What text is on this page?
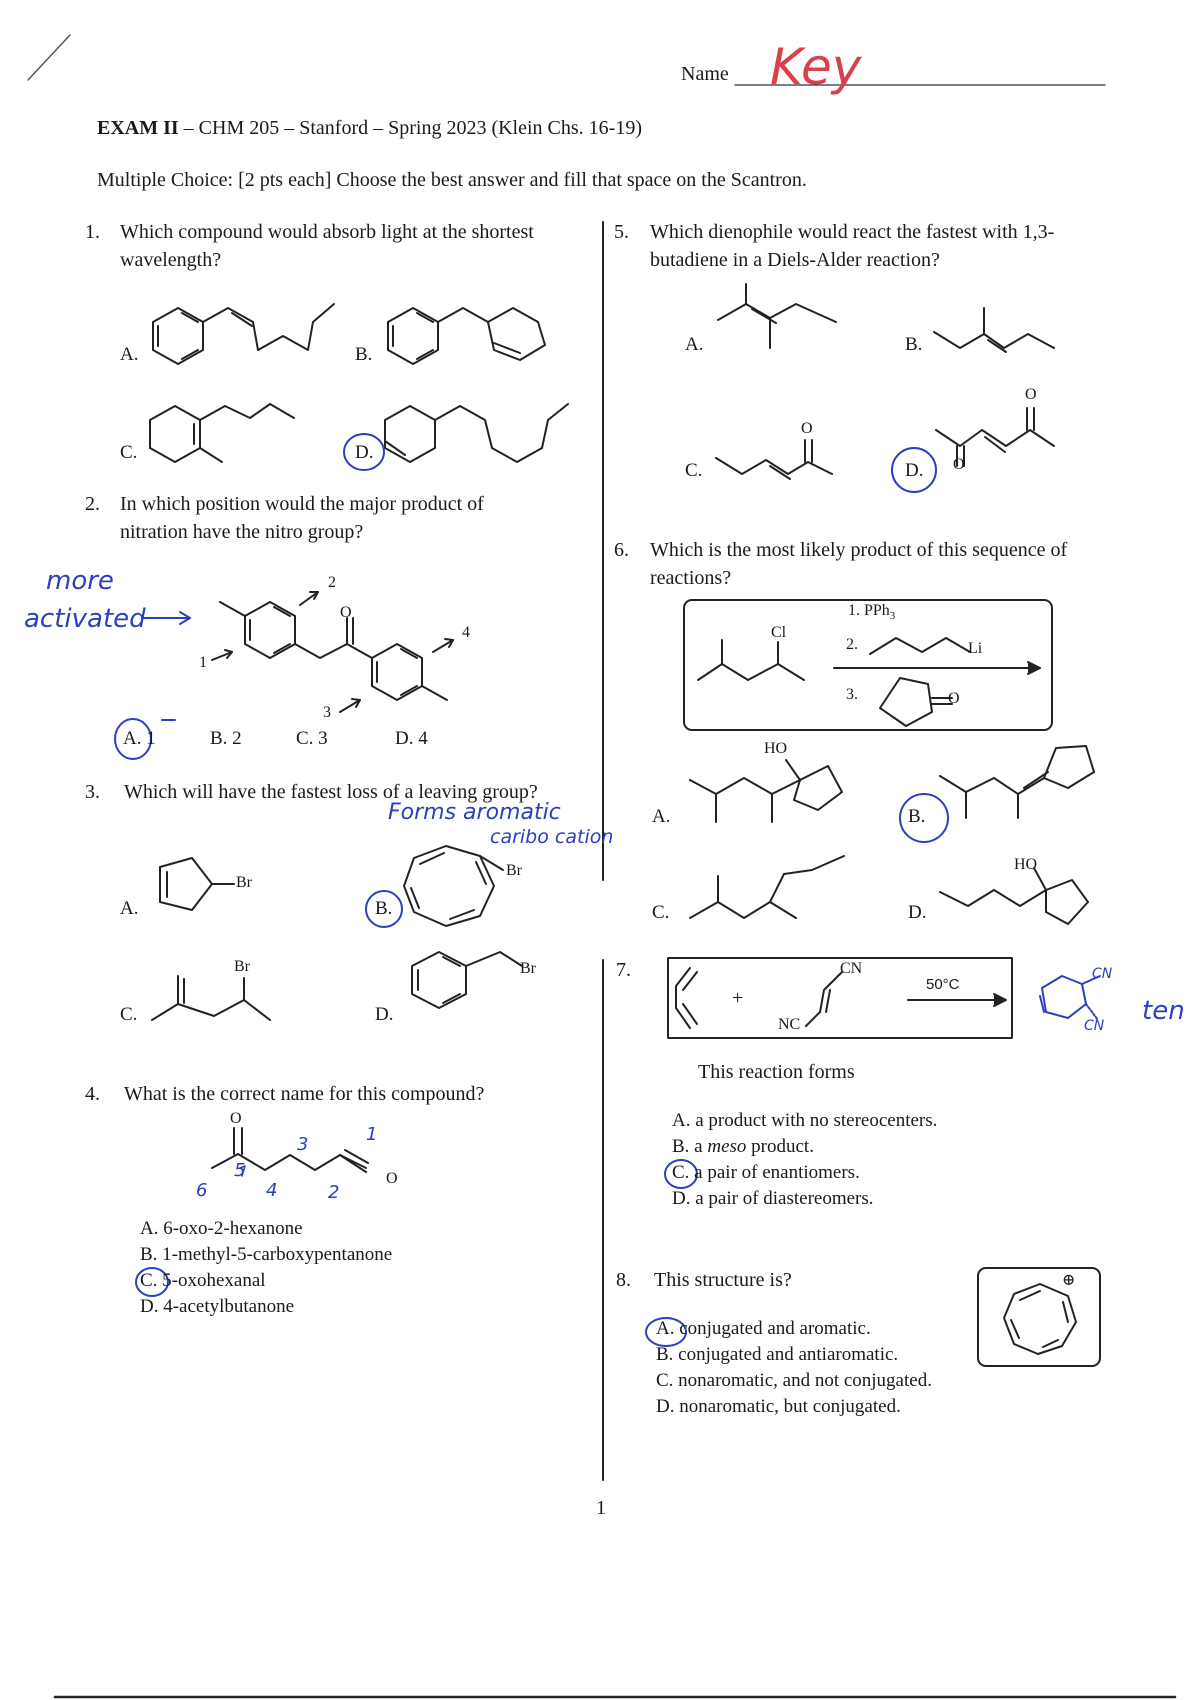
Name Key
EXAM II – CHM 205 – Stanford – Spring 2023 (Klein Chs. 16-19)
Multiple Choice: [2 pts each] Choose the best answer and fill that space on the Scantron.
1. Which compound would absorb light at the shortest
wavelength?
A.	B.
C.	D.
2. In which position would the major product of
nitration have the nitro group?
more
activated
2
O
1
3
4
A. 1	B. 2	C. 3	D. 4
3. Which will have the fastest loss of a leaving group?
Forms aromatic
caribo cation
Br
Br
Br	Br
A.	B.
C.	D.
4. What is the correct name for this compound?
O
O
6
5
4
3
2
1
A. 6-oxo-2-hexanone
B. 1-methyl-5-carboxypentanone
C. 5-oxohexanal
D. 4-acetylbutanone
5. Which dienophile would react the fastest with 1,3-
butadiene in a Diels-Alder reaction?
A.	B.
C.	D.
O
O
O
6. Which is the most likely product of this sequence of
reactions?
1. PPh$_3$
2.
3.
Cl
Li
O
HO
HO
A.	B.
C.	D.
7.
+
CN
NC
50°C
CN
CN ten
This reaction forms
A. a product with no stereocenters.
B. a meso product.
C. a pair of enantiomers.
D. a pair of diastereomers.
8. This structure is?	⊕
A. conjugated and aromatic.
B. conjugated and antiaromatic.
C. nonaromatic, and not conjugated.
D. nonaromatic, but conjugated.
1
